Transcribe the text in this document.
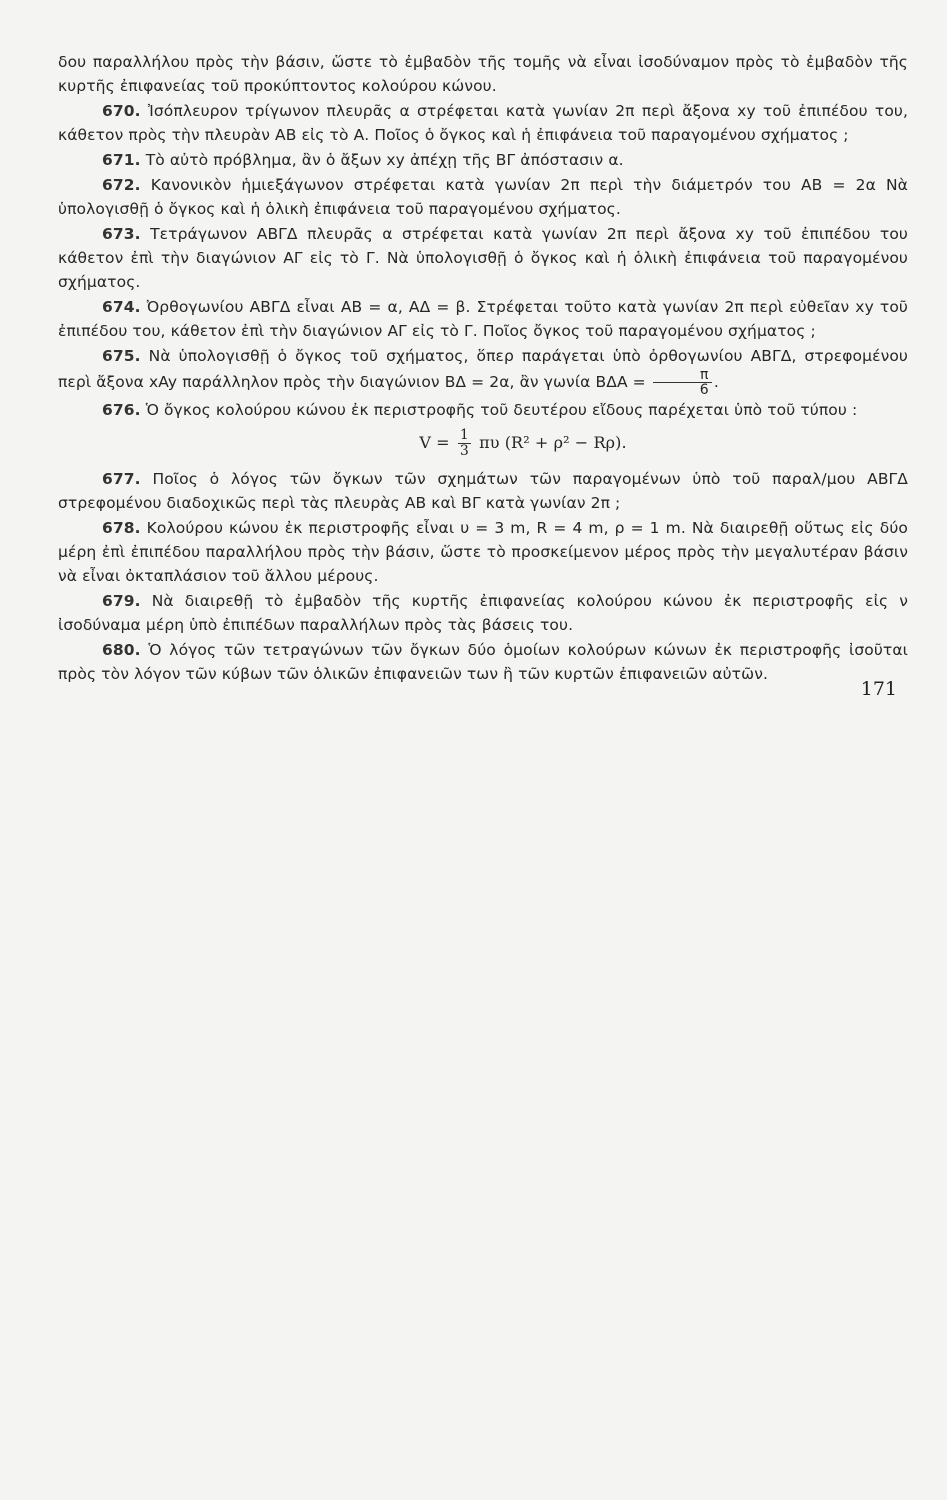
δου παραλλήλου πρὸς τὴν βάσιν, ὥστε τὸ ἐμβαδὸν τῆς τομῆς νὰ εἶναι ἰσοδύναμον πρὸς τὸ ἐμβαδὸν τῆς κυρτῆς ἐπιφανείας τοῦ προκύπτοντος κολούρου κώνου.

670. Ἰσόπλευρον τρίγωνον πλευρᾶς α στρέφεται κατὰ γωνίαν 2π περὶ ἄξονα xy τοῦ ἐπιπέδου του, κάθετον πρὸς τὴν πλευρὰν ΑΒ εἰς τὸ Α. Ποῖος ὁ ὄγκος καὶ ἡ ἐπιφάνεια τοῦ παραγομένου σχήματος ;

671. Τὸ αὐτὸ πρόβλημα, ἂν ὁ ἄξων xy ἀπέχῃ τῆς ΒΓ ἀπόστασιν α.

672. Κανονικὸν ἡμιεξάγωνον στρέφεται κατὰ γωνίαν 2π περὶ τὴν διάμετρόν του ΑΒ = 2α Νὰ ὑπολογισθῇ ὁ ὄγκος καὶ ἡ ὁλικὴ ἐπιφάνεια τοῦ παραγομένου σχήματος.

673. Τετράγωνον ΑΒΓΔ πλευρᾶς α στρέφεται κατὰ γωνίαν 2π περὶ ἄξονα xy τοῦ ἐπιπέδου του κάθετον ἐπὶ τὴν διαγώνιον ΑΓ εἰς τὸ Γ. Νὰ ὑπολογισθῇ ὁ ὄγκος καὶ ἡ ὁλικὴ ἐπιφάνεια τοῦ παραγομένου σχήματος.

674. Ὀρθογωνίου ΑΒΓΔ εἶναι ΑΒ = α, ΑΔ = β. Στρέφεται τοῦτο κατὰ γωνίαν 2π περὶ εὐθεῖαν xy τοῦ ἐπιπέδου του, κάθετον ἐπὶ τὴν διαγώνιον ΑΓ εἰς τὸ Γ. Ποῖος ὄγκος τοῦ παραγομένου σχήματος ;

675. Νὰ ὑπολογισθῇ ὁ ὄγκος τοῦ σχήματος, ὅπερ παράγεται ὑπὸ ὀρθογωνίου ΑΒΓΔ, στρεφομένου περὶ ἄξονα xAy παράλληλον πρὸς τὴν διαγώνιον ΒΔ = 2α, ἂν γωνία $B\Delta A = \frac{\pi}{6}$ .

676. Ὁ ὄγκος κολούρου κώνου ἐκ περιστροφῆς τοῦ δευτέρου εἴδους παρέχεται ὑπὸ τοῦ τύπου :

$V = \frac{1}{3}$ πυ (R² + ρ² − Rρ).

677. Ποῖος ὁ λόγος τῶν ὄγκων τῶν σχημάτων τῶν παραγομένων ὑπὸ τοῦ παραλ/μου ΑΒΓΔ στρεφομένου διαδοχικῶς περὶ τὰς πλευρὰς ΑΒ καὶ ΒΓ κατὰ γωνίαν 2π ;

678. Κολούρου κώνου ἐκ περιστροφῆς εἶναι υ = 3 m, R = 4 m, ρ = 1 m. Νὰ διαιρεθῇ οὕτως εἰς δύο μέρη ἐπὶ ἐπιπέδου παραλλήλου πρὸς τὴν βάσιν, ὥστε τὸ προσκείμενον μέρος πρὸς τὴν μεγαλυτέραν βάσιν νὰ εἶναι ὀκταπλάσιον τοῦ ἄλλου μέρους.

679. Νὰ διαιρεθῇ τὸ ἐμβαδὸν τῆς κυρτῆς ἐπιφανείας κολούρου κώνου ἐκ περιστροφῆς εἰς ν ἰσοδύναμα μέρη ὑπὸ ἐπιπέδων παραλλήλων πρὸς τὰς βάσεις του.

680. Ὁ λόγος τῶν τετραγώνων τῶν ὄγκων δύο ὁμοίων κολούρων κώνων ἐκ περιστροφῆς ἰσοῦται πρὸς τὸν λόγον τῶν κύβων τῶν ὁλικῶν ἐπιφανειῶν των ἢ τῶν κυρτῶν ἐπιφανειῶν αὐτῶν.

171
